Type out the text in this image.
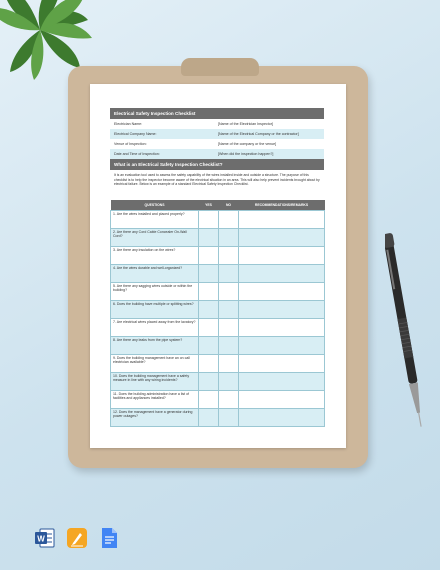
Electrical Safety Inspection Checklist
Electrician Name:	[Name of the Electrician Inspector]
Electrical Company Name:	[Name of the Electrical Company or the contractor]
Venue of Inspection:	[Name of the company or the venue]
Date and Time of Inspection:	[When did the inspection happen?]
What is an Electrical Safety Inspection Checklist?
It is an evaluation tool used to assess the safety capability of the wires installed inside and outside a structure. The purpose of this checklist is to help the inspector become aware of the electrical situation in an area. This will also help prevent incidents brought about by electrical failure. Below is an example of a standard Electrical Safety Inspection Checklist.
QUESTIONS	YES	NO	RECOMMENDATIONS/REMARKS
1. Are the wires installed and placed properly?			
2. Are there any Cord Cable Concealer On-Wall Cord?			
3. Are there any insulation on the wires?			
4. Are the wires durable and well-organized?			
5. Are there any sagging wires outside or within the building?			
6. Does the building have multiple or splitting wires?			
7. Are electrical wires placed away from the lavatory?			
8. Are there any leaks from the pipe system?			
9. Does the building management have an on call electrician available?			
10. Does the building management have a safety measure in line with any wiring incidents?			
11. Does the building administration have a list of facilities and appliances installed?			
12. Does the management have a generator during power outages?			
W
